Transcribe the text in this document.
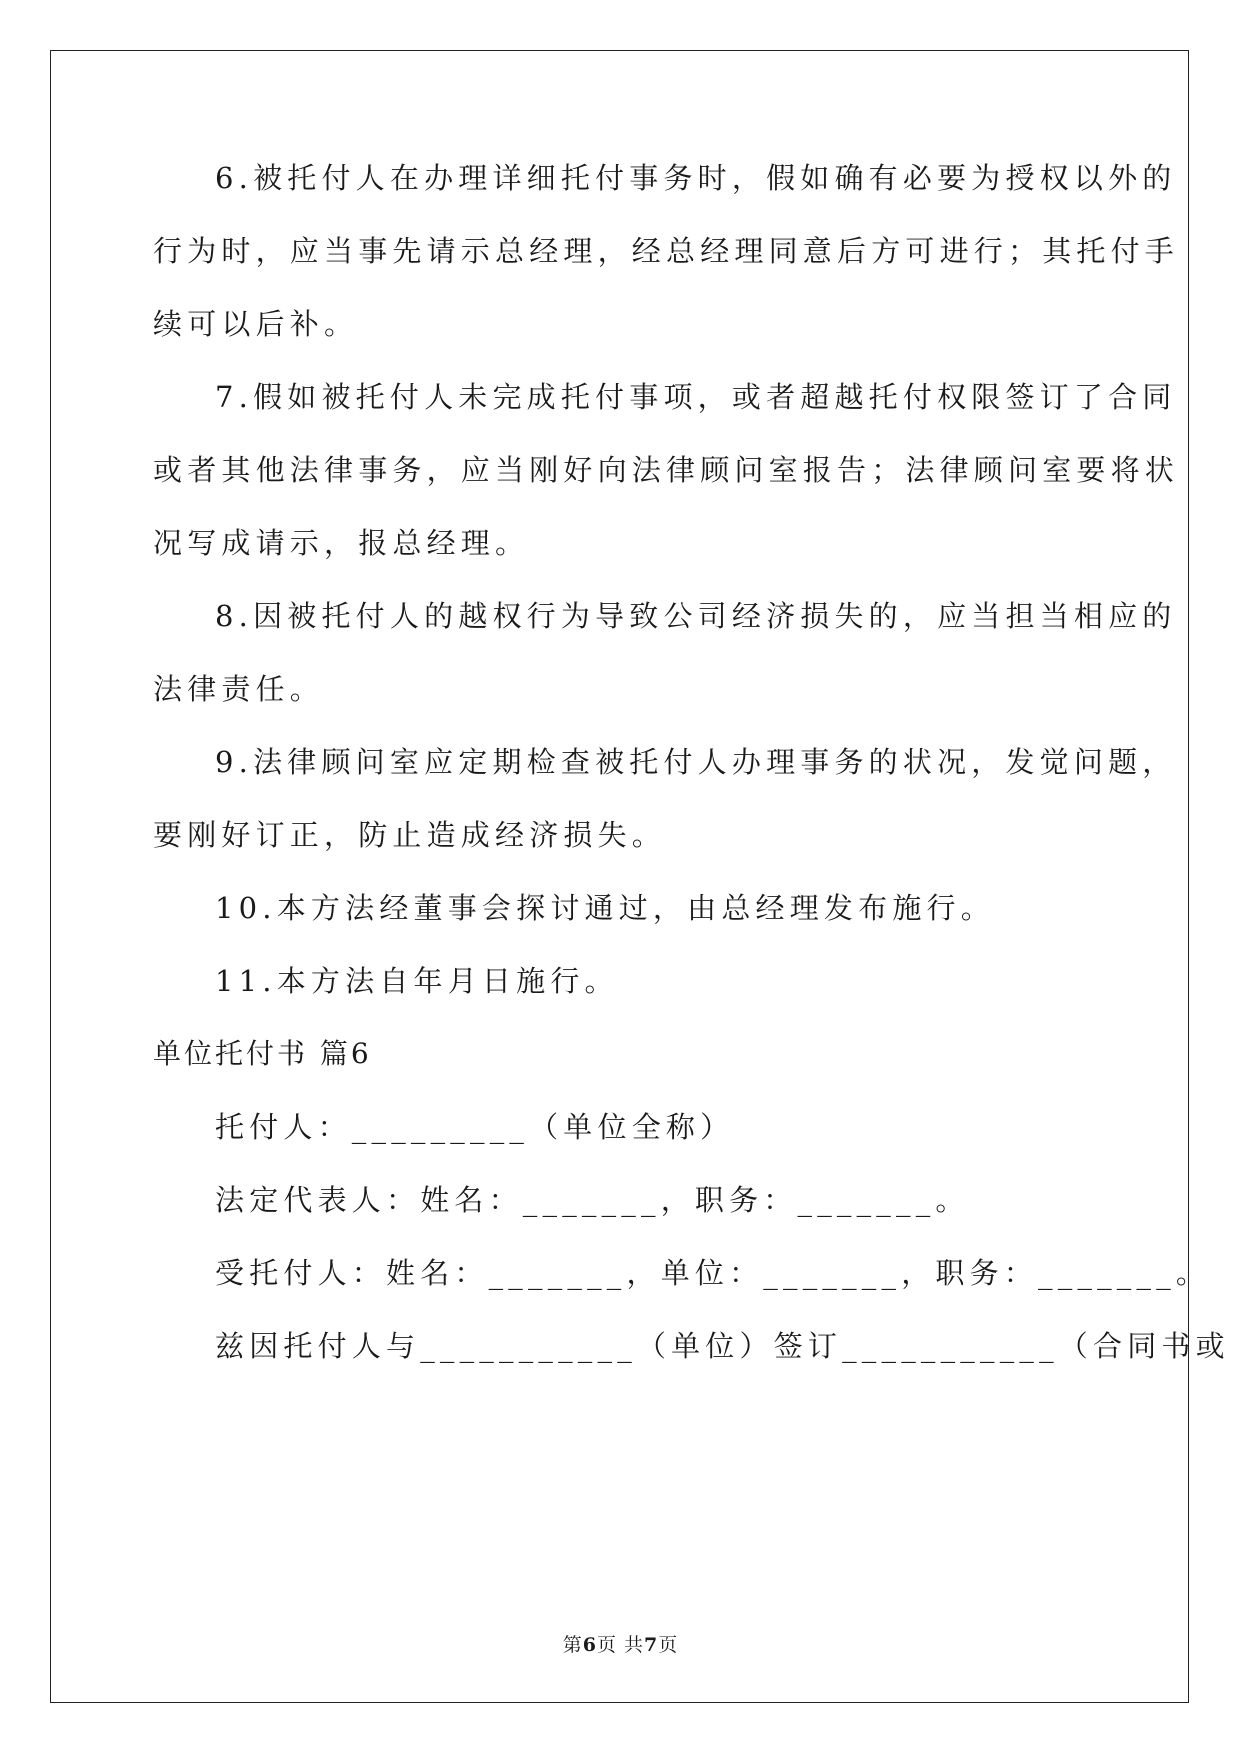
6.被托付人在办理详细托付事务时，假如确有必要为授权以外的
行为时，应当事先请示总经理，经总经理同意后方可进行；其托付手
续可以后补。
7.假如被托付人未完成托付事项，或者超越托付权限签订了合同
或者其他法律事务，应当刚好向法律顾问室报告；法律顾问室要将状
况写成请示，报总经理。
8.因被托付人的越权行为导致公司经济损失的，应当担当相应的
法律责任。
9.法律顾问室应定期检查被托付人办理事务的状况，发觉问题，
要刚好订正，防止造成经济损失。
10.本方法经董事会探讨通过，由总经理发布施行。
11.本方法自年月日施行。
单位托付书 篇6
托付人：_________（单位全称）
法定代表人：姓名：_______，职务：_______。
受托付人：姓名：_______，单位：_______，职务：_______。
兹因托付人与___________（单位）签订___________（合同书或
第6页 共7页
